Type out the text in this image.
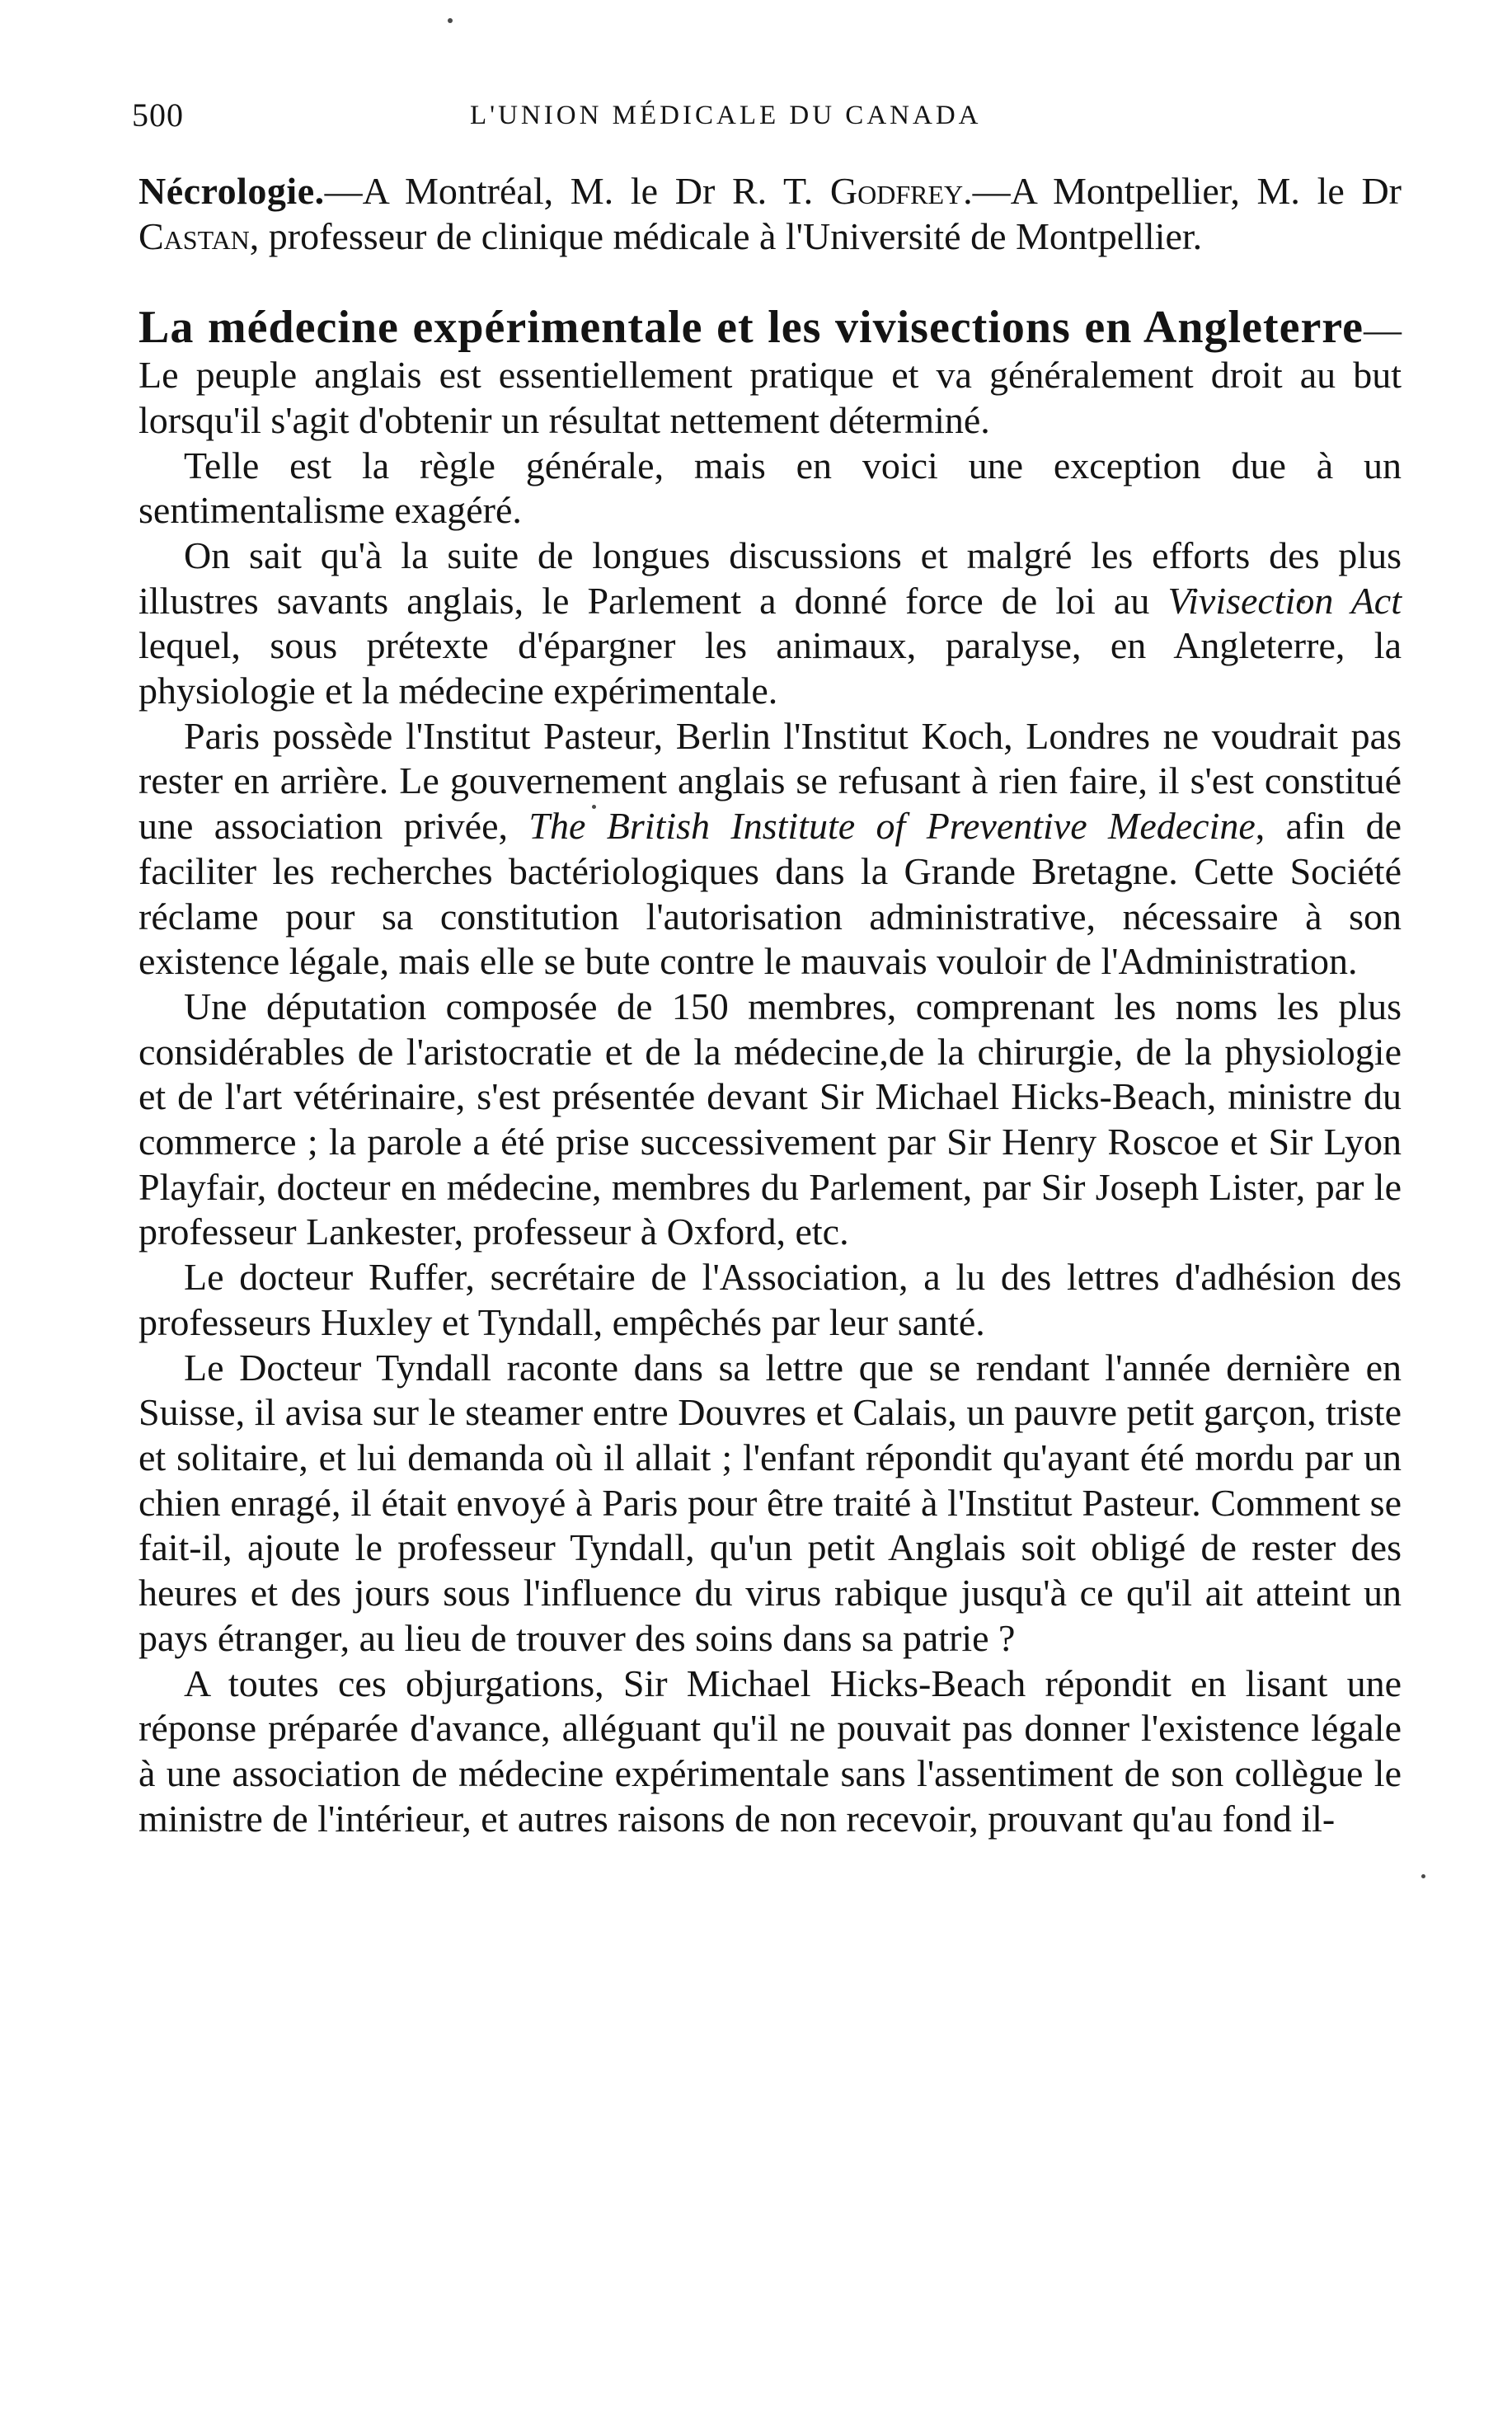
500	L'UNION MÉDICALE DU CANADA

Nécrologie.—A Montréal, M. le Dr R. T. Godfrey.—A Montpellier, M. le Dr Castan, professeur de clinique médicale à l'Université de Montpellier.

La médecine expérimentale et les vivisections en Angleterre—Le peuple anglais est essentiellement pratique et va généralement droit au but lorsqu'il s'agit d'obtenir un résultat nettement déterminé.

Telle est la règle générale, mais en voici une exception due à un sentimentalisme exagéré.

On sait qu'à la suite de longues discussions et malgré les efforts des plus illustres savants anglais, le Parlement a donné force de loi au Vivisection Act lequel, sous prétexte d'épargner les animaux, paralyse, en Angleterre, la physiologie et la médecine expérimentale.

Paris possède l'Institut Pasteur, Berlin l'Institut Koch, Londres ne voudrait pas rester en arrière. Le gouvernement anglais se refusant à rien faire, il s'est constitué une association privée, The British Institute of Preventive Medecine, afin de faciliter les recherches bactériologiques dans la Grande Bretagne. Cette Société réclame pour sa constitution l'autorisation administrative, nécessaire à son existence légale, mais elle se bute contre le mauvais vouloir de l'Administration.

Une députation composée de 150 membres, comprenant les noms les plus considérables de l'aristocratie et de la médecine,de la chirurgie, de la physiologie et de l'art vétérinaire, s'est présentée devant Sir Michael Hicks-Beach, ministre du commerce ; la parole a été prise successivement par Sir Henry Roscoe et Sir Lyon Playfair, docteur en médecine, membres du Parlement, par Sir Joseph Lister, par le professeur Lankester, professeur à Oxford, etc.

Le docteur Ruffer, secrétaire de l'Association, a lu des lettres d'adhésion des professeurs Huxley et Tyndall, empêchés par leur santé.

Le Docteur Tyndall raconte dans sa lettre que se rendant l'année dernière en Suisse, il avisa sur le steamer entre Douvres et Calais, un pauvre petit garçon, triste et solitaire, et lui demanda où il allait ; l'enfant répondit qu'ayant été mordu par un chien enragé, il était envoyé à Paris pour être traité à l'Institut Pasteur. Comment se fait-il, ajoute le professeur Tyndall, qu'un petit Anglais soit obligé de rester des heures et des jours sous l'influence du virus rabique jusqu'à ce qu'il ait atteint un pays étranger, au lieu de trouver des soins dans sa patrie ?

A toutes ces objurgations, Sir Michael Hicks-Beach répondit en lisant une réponse préparée d'avance, alléguant qu'il ne pouvait pas donner l'existence légale à une association de médecine expérimentale sans l'assentiment de son collègue le ministre de l'intérieur, et autres raisons de non recevoir, prouvant qu'au fond il-
